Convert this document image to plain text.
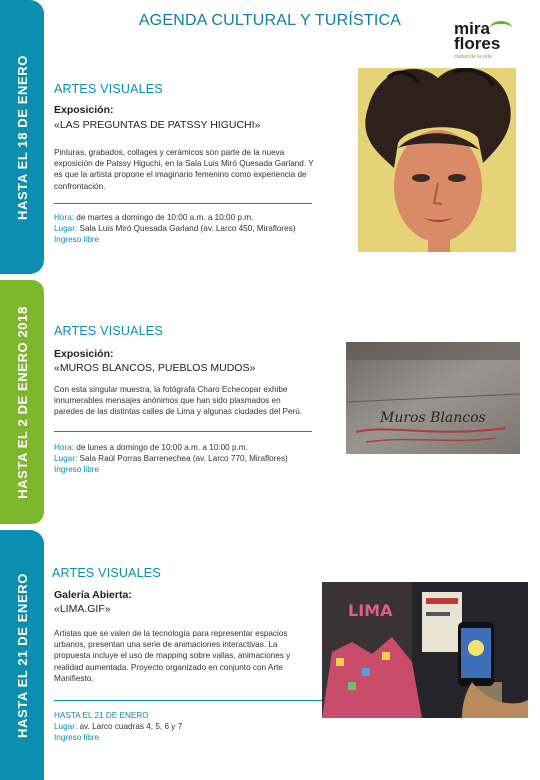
HASTA EL 18 DE ENERO
HASTA EL 2 DE ENERO 2018
HASTA EL 21 DE ENERO
AGENDA CULTURAL Y TURÍSTICA	mira
flores
ciudad de la vida
ARTES VISUALES
Exposición:
«LAS PREGUNTAS DE PATSSY HIGUCHI»
Pinturas, grabados, collages y cerámicos son parte de la nueva exposición de Patssy Higuchi, en la Sala Luis Miró Quesada Garland. Y es que la artista propone el imaginario femenino como experiencia de confrontación.
Hora: de martes a domingo de 10:00 a.m. a 10:00 p.m.
Lugar: Sala Luis Miró Quesada Garland (av. Larco 450, Miraflores)
Ingreso libre
ARTES VISUALES
Exposición:
«MUROS BLANCOS, PUEBLOS MUDOS»
Con esta singular muestra, la fotógrafa Charo Echecopar exhibe innumerables mensajes anónimos que han sido plasmados en paredes de las distintas calles de Lima y algunas ciudades del Perú.
Hora: de lunes a domingo de 10:00 a.m. a 10:00 p.m.
Lugar: Sala Raúl Porras Barrenechea (av. Larco 770, Miraflores)
Ingreso libre
Muros Blancos
ARTES VISUALES
Galería Abierta:
«LIMA.GIF»
Artistas que se valen de la tecnología para representar espacios urbanos, presentan una serie de animaciones interactivas. La propuesta incluye el uso de mapping sobre vallas, animaciones y realidad aumentada. Proyecto organizado en conjunto con Arte Manifiesto.
HASTA EL 21 DE ENERO
Lugar: av. Larco cuadras 4, 5, 6 y 7
Ingreso libre
LIMA
